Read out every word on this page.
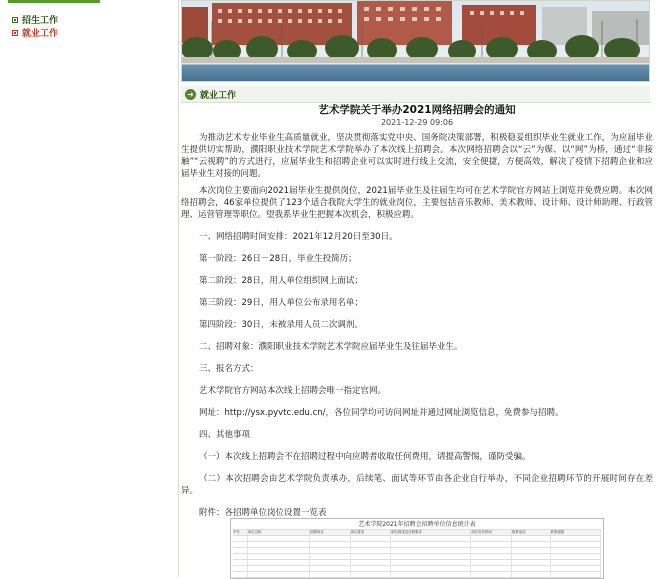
招生工作
就业工作
➜ 就业工作
艺术学院关于举办2021网络招聘会的通知
2021-12-29 09:06

为推动艺术专业毕业生高质量就业，坚决贯彻落实党中央、国务院决策部署，积极稳妥组织毕业生就业工作，为应届毕业生提供切实帮助，濮阳职业技术学院艺术学院举办了本次线上招聘会。本次网络招聘会以“云”为媒、以“网”为桥，通过“非接触”“云视聘”的方式进行，应届毕业生和招聘企业可以实时进行线上交流，安全便捷，方便高效，解决了疫情下招聘企业和应届毕业生对接的问题。

本次岗位主要面向2021届毕业生提供岗位，2021届毕业生及往届生均可在艺术学院官方网站上浏览并免费应聘。本次网络招聘会，46家单位提供了123个适合我院大学生的就业岗位，主要包括音乐教师、美术教师、设计师、设计师助理、行政管理、运营管理等职位。望我系毕业生把握本次机会，积极应聘。

一、网络招聘时间安排：2021年12月20日至30日。

第一阶段：26日－28日，毕业生投简历；

第二阶段：28日，用人单位组织网上面试；

第三阶段：29日，用人单位公布录用名单；

第四阶段：30日，未被录用人员二次调剂。

二、招聘对象：濮阳职业技术学院艺术学院应届毕业生及往届毕业生。

三、报名方式：

艺术学院官方网站本次线上招聘会唯一指定官网。

网址：http://ysx.pyvtc.edu.cn/，各位同学均可访问网址并通过网址浏览信息，免费参与招聘。

四、其他事项

（一）本次线上招聘会不在招聘过程中向应聘者收取任何费用，请提高警惕，谨防受骗。

（二）本次招聘会由艺术学院负责承办，后续笔、面试等环节由各企业自行举办，不同企业招聘环节的开展时间存在差异。

附件：各招聘单位岗位设置一览表

艺术学院2021年招聘会招聘单位信息统计表
序号	单位名称	招聘岗位	岗位要求	职位描述及任职要求	岗位发布时间	联系电话	联系邮箱
